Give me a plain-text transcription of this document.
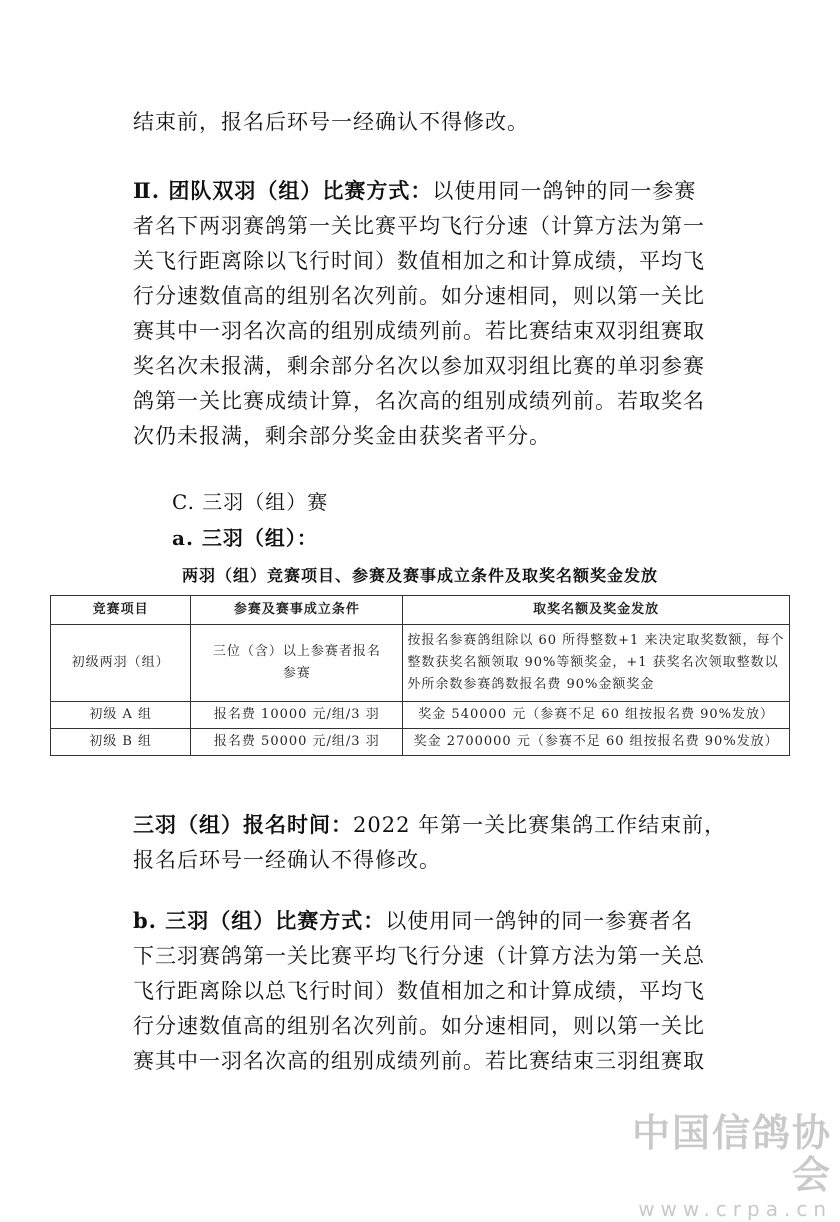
结束前，报名后环号一经确认不得修改。

Ⅱ. 团队双羽（组）比赛方式：以使用同一鸽钟的同一参赛
者名下两羽赛鸽第一关比赛平均飞行分速（计算方法为第一
关飞行距离除以飞行时间）数值相加之和计算成绩，平均飞
行分速数值高的组别名次列前。如分速相同，则以第一关比
赛其中一羽名次高的组别成绩列前。若比赛结束双羽组赛取
奖名次未报满，剩余部分名次以参加双羽组比赛的单羽参赛
鸽第一关比赛成绩计算，名次高的组别成绩列前。若取奖名
次仍未报满，剩余部分奖金由获奖者平分。

C. 三羽（组）赛
a. 三羽（组）：
两羽（组）竞赛项目、参赛及赛事成立条件及取奖名额奖金发放
竞赛项目	参赛及赛事成立条件	取奖名额及奖金发放
初级两羽（组）	三位（含）以上参赛者报名参赛	按报名参赛鸽组除以 60 所得整数+1 来决定取奖数额，每个整数获奖名额领取 90%等额奖金，+1 获奖名次领取整数以外所余数参赛鸽数报名费 90%金额奖金
初级 A 组	报名费 10000 元/组/3 羽	奖金 540000 元（参赛不足 60 组按报名费 90%发放）
初级 B 组	报名费 50000 元/组/3 羽	奖金 2700000 元（参赛不足 60 组按报名费 90%发放）

三羽（组）报名时间：2022 年第一关比赛集鸽工作结束前，
报名后环号一经确认不得修改。

b. 三羽（组）比赛方式：以使用同一鸽钟的同一参赛者名
下三羽赛鸽第一关比赛平均飞行分速（计算方法为第一关总
飞行距离除以总飞行时间）数值相加之和计算成绩，平均飞
行分速数值高的组别名次列前。如分速相同，则以第一关比
赛其中一羽名次高的组别成绩列前。若比赛结束三羽组赛取

中国信鸽协会
www.crpa.cn
